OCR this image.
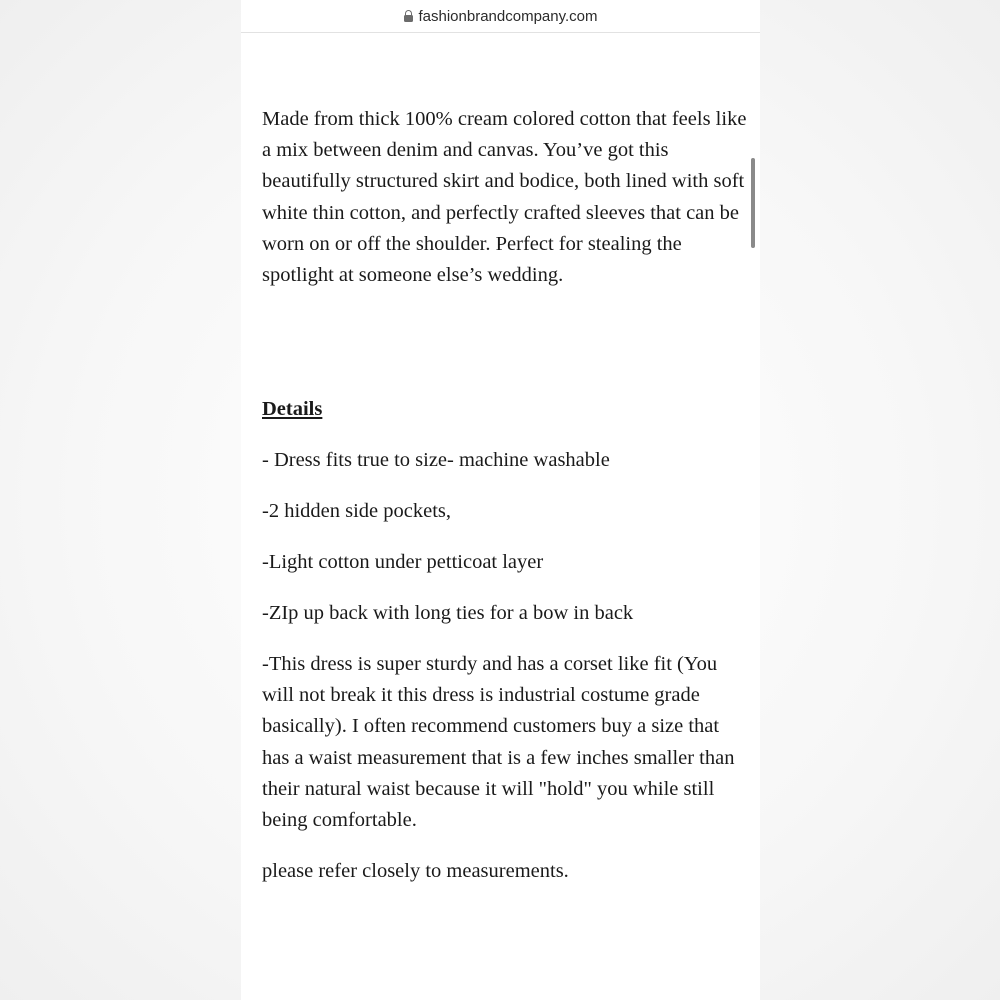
fashionbrandcompany.com

Made from thick 100% cream colored cotton that feels like a mix between denim and canvas. You’ve got this beautifully structured skirt and bodice, both lined with soft white thin cotton, and perfectly crafted sleeves that can be worn on or off the shoulder. Perfect for stealing the spotlight at someone else’s wedding.

Details

- Dress fits true to size- machine washable

-2 hidden side pockets,

-Light cotton under petticoat layer

-ZIp up back with long ties for a bow in back

-This dress is super sturdy and has a corset like fit (You will not break it this dress is industrial costume grade basically). I often recommend customers buy a size that has a waist measurement that is a few inches smaller than their natural waist because it will "hold" you while still being comfortable.

please refer closely to measurements.
